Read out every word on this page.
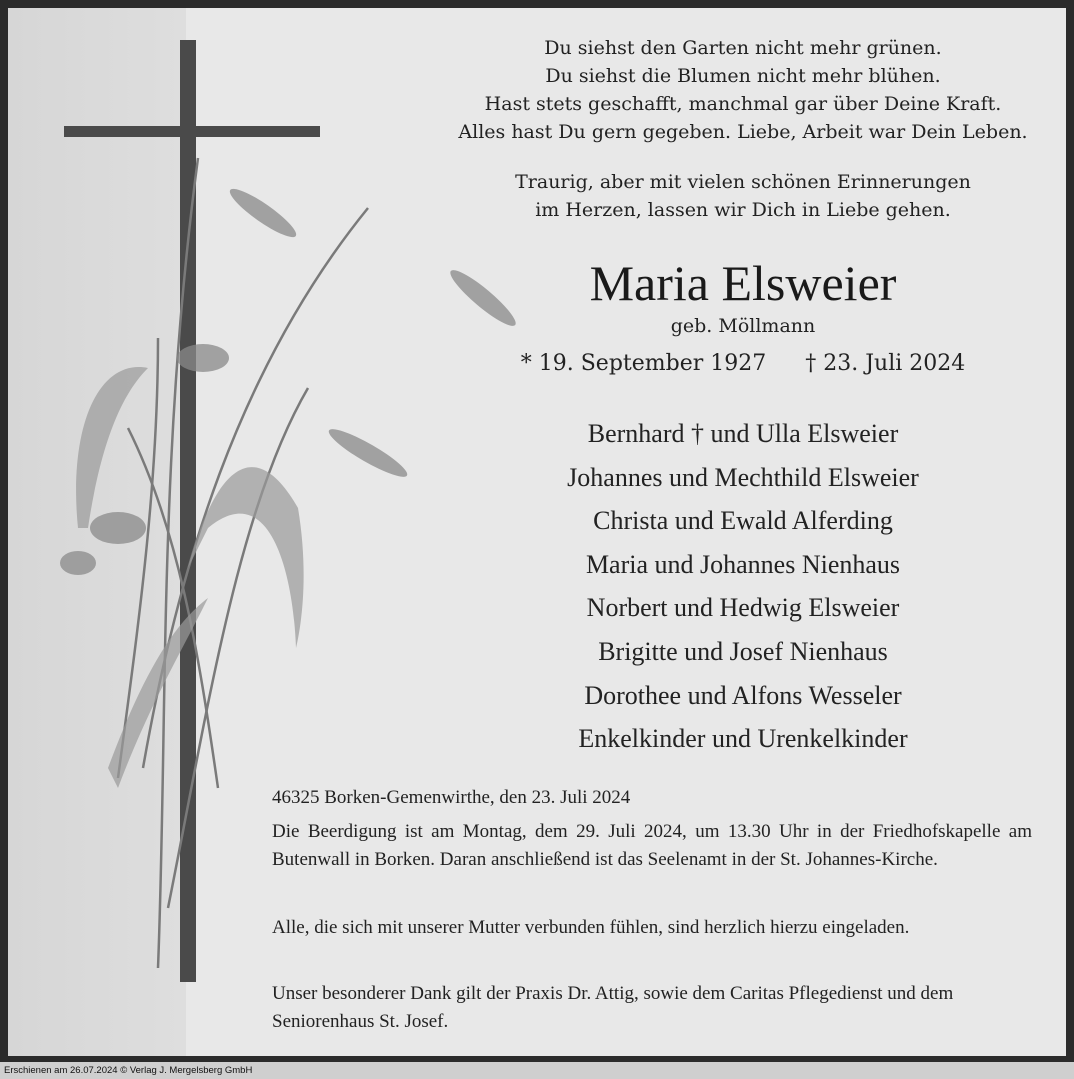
Du siehst den Garten nicht mehr grünen.
Du siehst die Blumen nicht mehr blühen.
Hast stets geschafft, manchmal gar über Deine Kraft.
Alles hast Du gern gegeben. Liebe, Arbeit war Dein Leben.
Traurig, aber mit vielen schönen Erinnerungen
im Herzen, lassen wir Dich in Liebe gehen.
Maria Elsweier
geb. Möllmann
* 19. September 1927 † 23. Juli 2024
Bernhard † und Ulla Elsweier
Johannes und Mechthild Elsweier
Christa und Ewald Alferding
Maria und Johannes Nienhaus
Norbert und Hedwig Elsweier
Brigitte und Josef Nienhaus
Dorothee und Alfons Wesseler
Enkelkinder und Urenkelkinder
46325 Borken-Gemenwirthe, den 23. Juli 2024
Die Beerdigung ist am Montag, dem 29. Juli 2024, um 13.30 Uhr in der Friedhofskapelle am Butenwall in Borken. Daran anschließend ist das Seelenamt in der St. Johannes-Kirche.
Alle, die sich mit unserer Mutter verbunden fühlen, sind herzlich hierzu eingeladen.
Unser besonderer Dank gilt der Praxis Dr. Attig, sowie dem Caritas Pflegedienst und dem Seniorenhaus St. Josef.
Erschienen am 26.07.2024 © Verlag J. Mergelsberg GmbH
